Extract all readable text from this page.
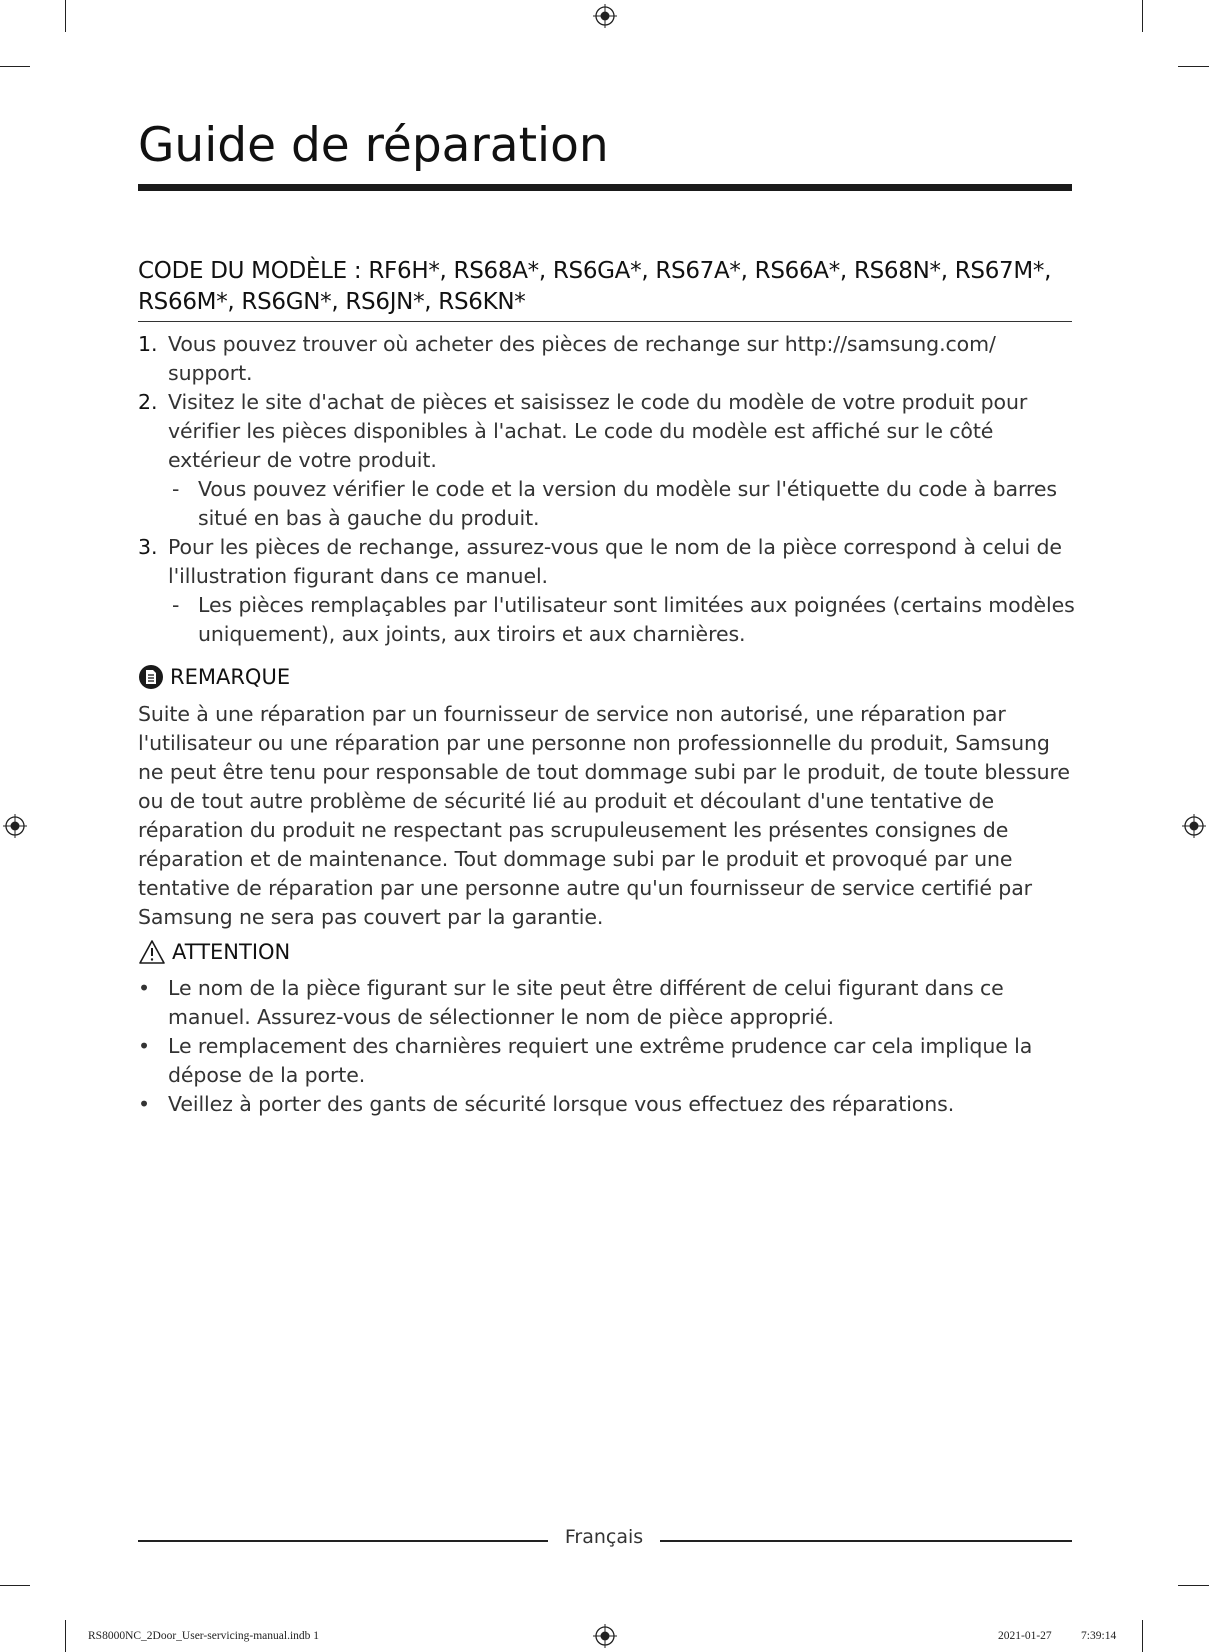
Guide de réparation
CODE DU MODÈLE : RF6H*, RS68A*, RS6GA*, RS67A*, RS66A*, RS68N*, RS67M*, RS66M*, RS6GN*, RS6JN*, RS6KN*
1. Vous pouvez trouver où acheter des pièces de rechange sur http://samsung.com/ support.
2. Visitez le site d'achat de pièces et saisissez le code du modèle de votre produit pour vérifier les pièces disponibles à l'achat. Le code du modèle est affiché sur le côté extérieur de votre produit.
- Vous pouvez vérifier le code et la version du modèle sur l'étiquette du code à barres situé en bas à gauche du produit.
3. Pour les pièces de rechange, assurez-vous que le nom de la pièce correspond à celui de l'illustration figurant dans ce manuel.
- Les pièces remplaçables par l'utilisateur sont limitées aux poignées (certains modèles uniquement), aux joints, aux tiroirs et aux charnières.
REMARQUE
Suite à une réparation par un fournisseur de service non autorisé, une réparation par l'utilisateur ou une réparation par une personne non professionnelle du produit, Samsung ne peut être tenu pour responsable de tout dommage subi par le produit, de toute blessure ou de tout autre problème de sécurité lié au produit et découlant d'une tentative de réparation du produit ne respectant pas scrupuleusement les présentes consignes de réparation et de maintenance. Tout dommage subi par le produit et provoqué par une tentative de réparation par une personne autre qu'un fournisseur de service certifié par Samsung ne sera pas couvert par la garantie.
ATTENTION
• Le nom de la pièce figurant sur le site peut être différent de celui figurant dans ce manuel. Assurez-vous de sélectionner le nom de pièce approprié.
• Le remplacement des charnières requiert une extrême prudence car cela implique la dépose de la porte.
• Veillez à porter des gants de sécurité lorsque vous effectuez des réparations.
Français
RS8000NC_2Door_User-servicing-manual.indb 1	2021-01-27   ￿￿ 7:39:14
